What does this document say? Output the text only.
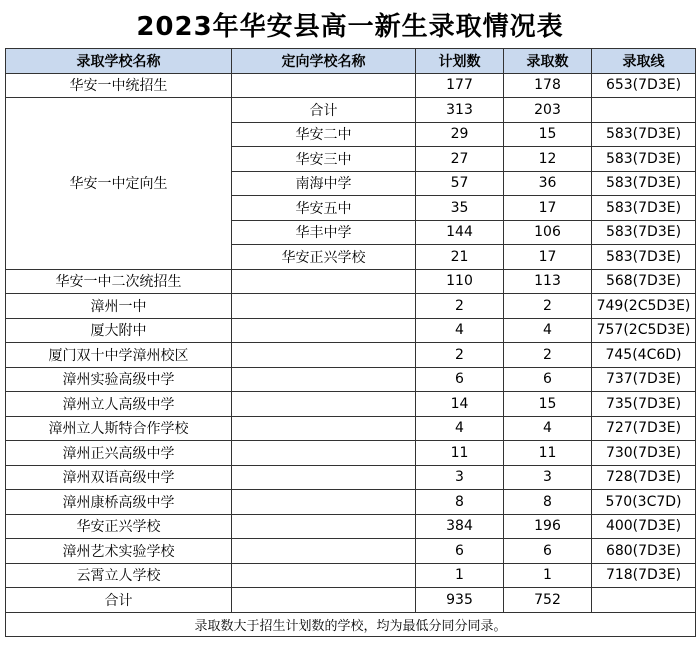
2023年华安县高一新生录取情况表
录取学校名称	定向学校名称	计划数	录取数	录取线
华安一中统招生		177	178	653(7D3E)
华安一中定向生	合计	313	203	
	华安二中	29	15	583(7D3E)
	华安三中	27	12	583(7D3E)
	南海中学	57	36	583(7D3E)
	华安五中	35	17	583(7D3E)
	华丰中学	144	106	583(7D3E)
	华安正兴学校	21	17	583(7D3E)
华安一中二次统招生		110	113	568(7D3E)
漳州一中		2	2	749(2C5D3E)
厦大附中		4	4	757(2C5D3E)
厦门双十中学漳州校区		2	2	745(4C6D)
漳州实验高级中学		6	6	737(7D3E)
漳州立人高级中学		14	15	735(7D3E)
漳州立人斯特合作学校		4	4	727(7D3E)
漳州正兴高级中学		11	11	730(7D3E)
漳州双语高级中学		3	3	728(7D3E)
漳州康桥高级中学		8	8	570(3C7D)
华安正兴学校		384	196	400(7D3E)
漳州艺术实验学校		6	6	680(7D3E)
云霄立人学校		1	1	718(7D3E)
合计		935	752	
录取数大于招生计划数的学校，均为最低分同分同录。				
